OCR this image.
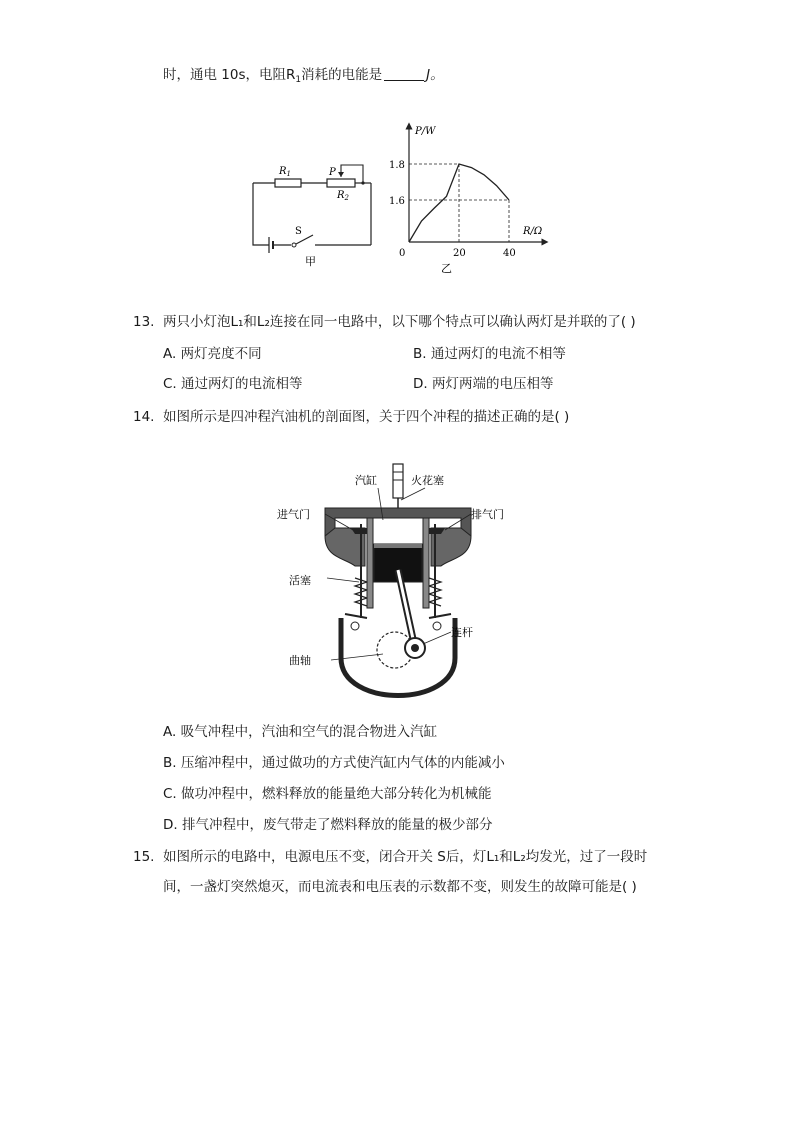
时，通电 10s，电阻$R_1$消耗的电能是	J。
$R_1$	P
$R_2$
S
甲
0	20	40
1.6
1.8
P/W
R/Ω
乙
13. 两只小灯泡L₁和L₂连接在同一电路中，以下哪个特点可以确认两灯是并联的了( )
A. 两灯亮度不同	B. 通过两灯的电流不相等
C. 通过两灯的电流相等	D. 两灯两端的电压相等
14. 如图所示是四冲程汽油机的剖面图，关于四个冲程的描述正确的是( )
汽缸	火花塞
进气门	排气门
活塞
连杆
曲轴
A. 吸气冲程中，汽油和空气的混合物进入汽缸
B. 压缩冲程中，通过做功的方式使汽缸内气体的内能减小
C. 做功冲程中，燃料释放的能量绝大部分转化为机械能
D. 排气冲程中，废气带走了燃料释放的能量的极少部分
15. 如图所示的电路中，电源电压不变，闭合开关 S后，灯L₁和L₂均发光，过了一段时
间，一盏灯突然熄灭，而电流表和电压表的示数都不变，则发生的故障可能是( )
